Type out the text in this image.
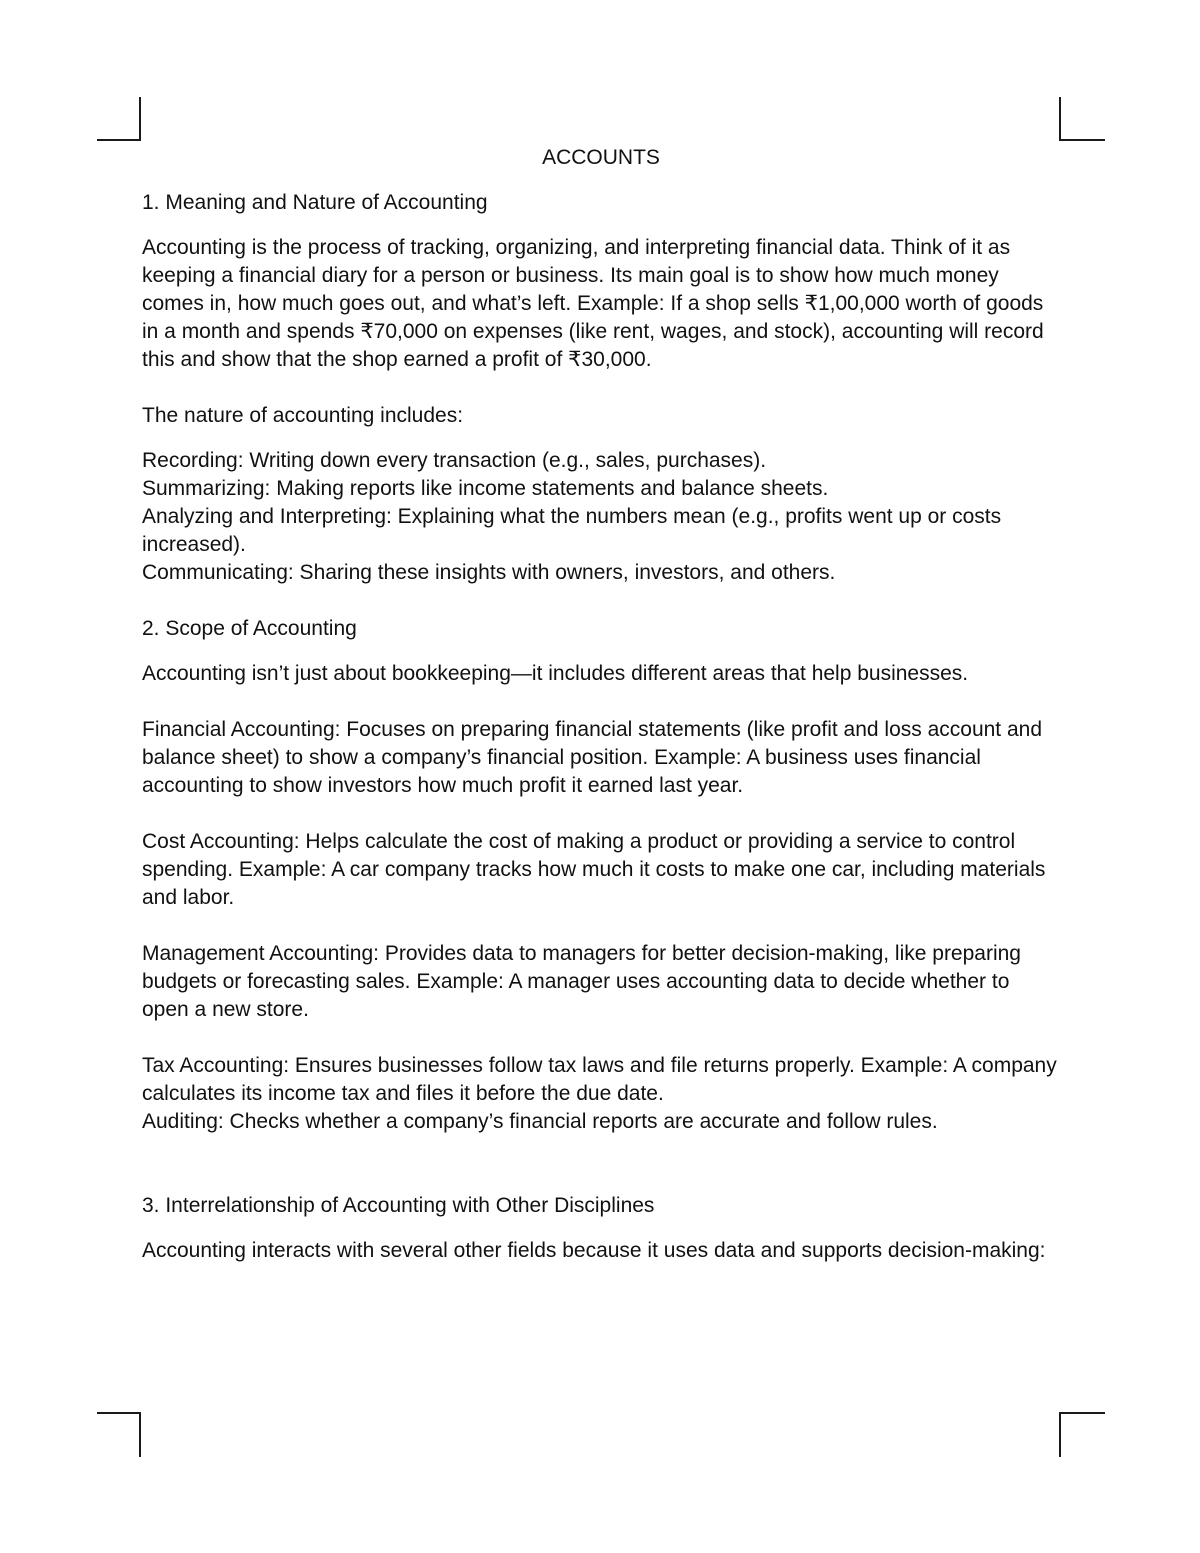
ACCOUNTS
1. Meaning and Nature of Accounting
Accounting is the process of tracking, organizing, and interpreting financial data. Think of it as keeping a financial diary for a person or business. Its main goal is to show how much money comes in, how much goes out, and what’s left. Example: If a shop sells ₹1,00,000 worth of goods in a month and spends ₹70,000 on expenses (like rent, wages, and stock), accounting will record this and show that the shop earned a profit of ₹30,000.
The nature of accounting includes:
Recording: Writing down every transaction (e.g., sales, purchases).
Summarizing: Making reports like income statements and balance sheets.
Analyzing and Interpreting: Explaining what the numbers mean (e.g., profits went up or costs increased).
Communicating: Sharing these insights with owners, investors, and others.
2. Scope of Accounting
Accounting isn’t just about bookkeeping—it includes different areas that help businesses.
Financial Accounting: Focuses on preparing financial statements (like profit and loss account and balance sheet) to show a company’s financial position. Example: A business uses financial accounting to show investors how much profit it earned last year.
Cost Accounting: Helps calculate the cost of making a product or providing a service to control spending. Example: A car company tracks how much it costs to make one car, including materials and labor.
Management Accounting: Provides data to managers for better decision-making, like preparing budgets or forecasting sales. Example: A manager uses accounting data to decide whether to open a new store.
Tax Accounting: Ensures businesses follow tax laws and file returns properly. Example: A company calculates its income tax and files it before the due date.
Auditing: Checks whether a company’s financial reports are accurate and follow rules.
3. Interrelationship of Accounting with Other Disciplines
Accounting interacts with several other fields because it uses data and supports decision-making:
